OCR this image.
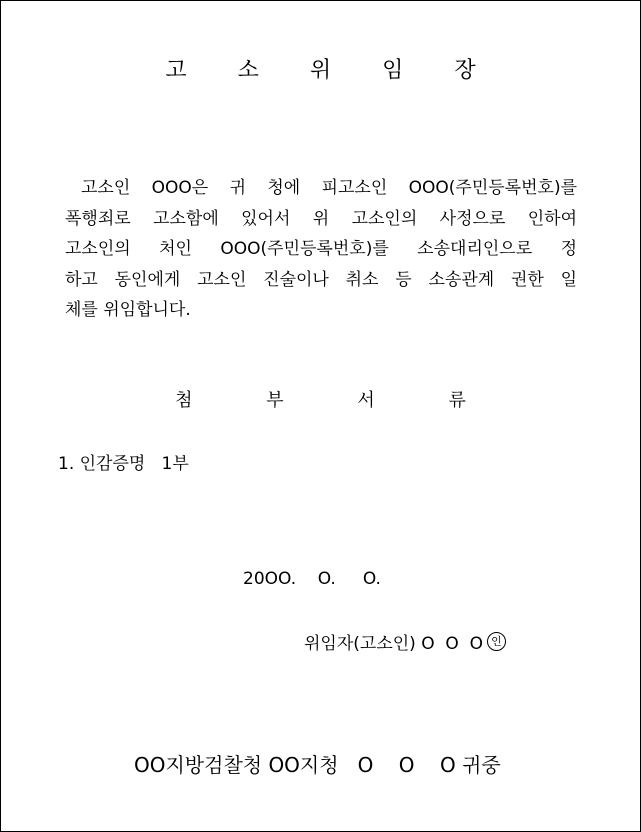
고 소 위 임 장
고소인 OOO은 귀 청에 피고소인 OOO(주민등록번호)를
폭행죄로 고소함에 있어서 위 고소인의 사정으로 인하여
고소인의 처인 OOO(주민등록번호)를 소송대리인으로 정
하고 동인에게 고소인 진술이나 취소 등 소송관계 권한 일
체를 위임합니다.
첨 부 서 류
1. 인감증명   1부
20OO.    O.     O.
위임자(고소인) O  O  O 인
OO지방검찰청 OO지청   O    O    O 귀중
